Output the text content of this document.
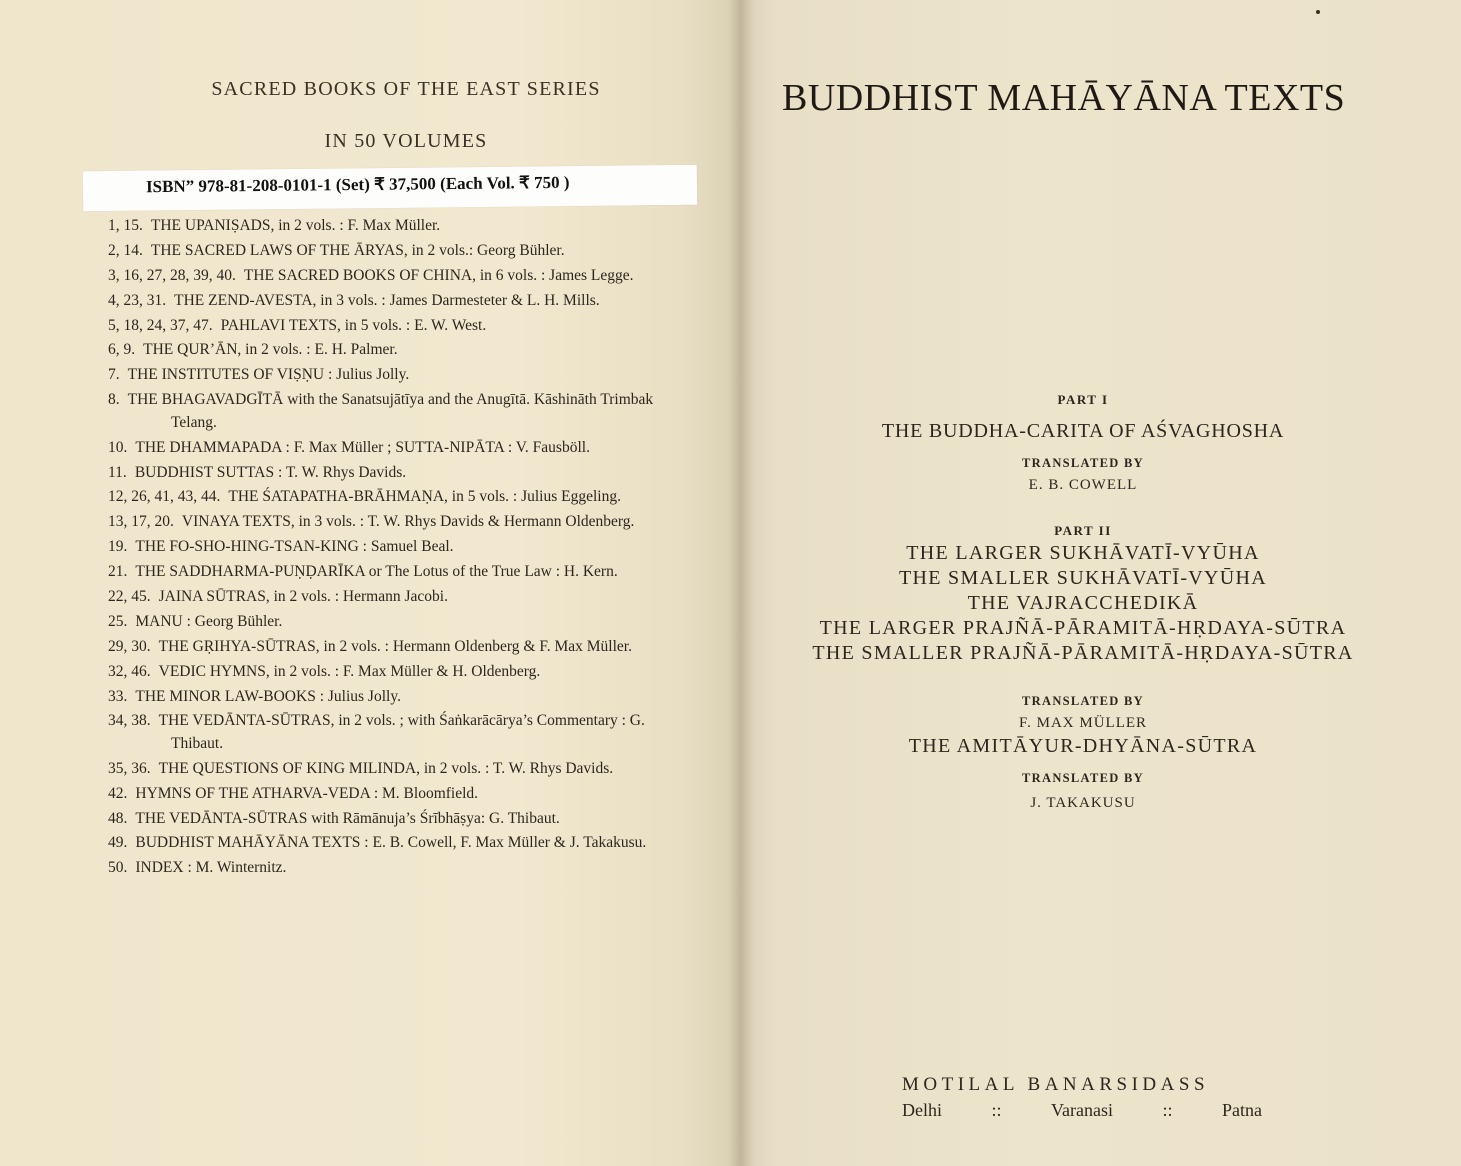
SACRED BOOKS OF THE EAST SERIES
IN 50 VOLUMES
ISBN” 978-81-208-0101-1 (Set) ₹ 37,500 (Each Vol. ₹ 750 )
1, 15. THE UPANIṢADS, in 2 vols. : F. Max Müller.
2, 14. THE SACRED LAWS OF THE ĀRYAS, in 2 vols.: Georg Bühler.
3, 16, 27, 28, 39, 40. THE SACRED BOOKS OF CHINA, in 6 vols. : James Legge.
4, 23, 31. THE ZEND-AVESTA, in 3 vols. : James Darmesteter & L. H. Mills.
5, 18, 24, 37, 47. PAHLAVI TEXTS, in 5 vols. : E. W. West.
6, 9. THE QUR’ĀN, in 2 vols. : E. H. Palmer.
7. THE INSTITUTES OF VIṢṆU : Julius Jolly.
8. THE BHAGAVADGĪTĀ with the Sanatsujātīya and the Anugītā. Kāshināth Trimbak Telang.
10. THE DHAMMAPADA : F. Max Müller ; SUTTA-NIPĀTA : V. Fausböll.
11. BUDDHIST SUTTAS : T. W. Rhys Davids.
12, 26, 41, 43, 44. THE ŚATAPATHA-BRĀHMAṆA, in 5 vols. : Julius Eggeling.
13, 17, 20. VINAYA TEXTS, in 3 vols. : T. W. Rhys Davids & Hermann Oldenberg.
19. THE FO-SHO-HING-TSAN-KING : Samuel Beal.
21. THE SADDHARMA-PUṆḌARĪKA or The Lotus of the True Law : H. Kern.
22, 45. JAINA SŪTRAS, in 2 vols. : Hermann Jacobi.
25. MANU : Georg Bühler.
29, 30. THE GṚIHYA-SŪTRAS, in 2 vols. : Hermann Oldenberg & F. Max Müller.
32, 46. VEDIC HYMNS, in 2 vols. : F. Max Müller & H. Oldenberg.
33. THE MINOR LAW-BOOKS : Julius Jolly.
34, 38. THE VEDĀNTA-SŪTRAS, in 2 vols. ; with Śaṅkarācārya’s Commentary : G. Thibaut.
35, 36. THE QUESTIONS OF KING MILINDA, in 2 vols. : T. W. Rhys Davids.
42. HYMNS OF THE ATHARVA-VEDA : M. Bloomfield.
48. THE VEDĀNTA-SŪTRAS with Rāmānuja’s Śrībhāṣya: G. Thibaut.
49. BUDDHIST MAHĀYĀNA TEXTS : E. B. Cowell, F. Max Müller & J. Takakusu.
50. INDEX : M. Winternitz.
BUDDHIST MAHĀYĀNA TEXTS
PART I
THE BUDDHA-CARITA OF AŚVAGHOSHA
TRANSLATED BY
E. B. COWELL
PART II
THE LARGER SUKHĀVATĪ-VYŪHA
THE SMALLER SUKHĀVATĪ-VYŪHA
THE VAJRACCHEDIKĀ
THE LARGER PRAJÑĀ-PĀRAMITĀ-HṚDAYA-SŪTRA
THE SMALLER PRAJÑĀ-PĀRAMITĀ-HṚDAYA-SŪTRA
TRANSLATED BY
F. MAX MÜLLER
THE AMITĀYUR-DHYĀNA-SŪTRA
TRANSLATED BY
J. TAKAKUSU
MOTILAL BANARSIDASS
Delhi	::	Varanasi	::	Patna
